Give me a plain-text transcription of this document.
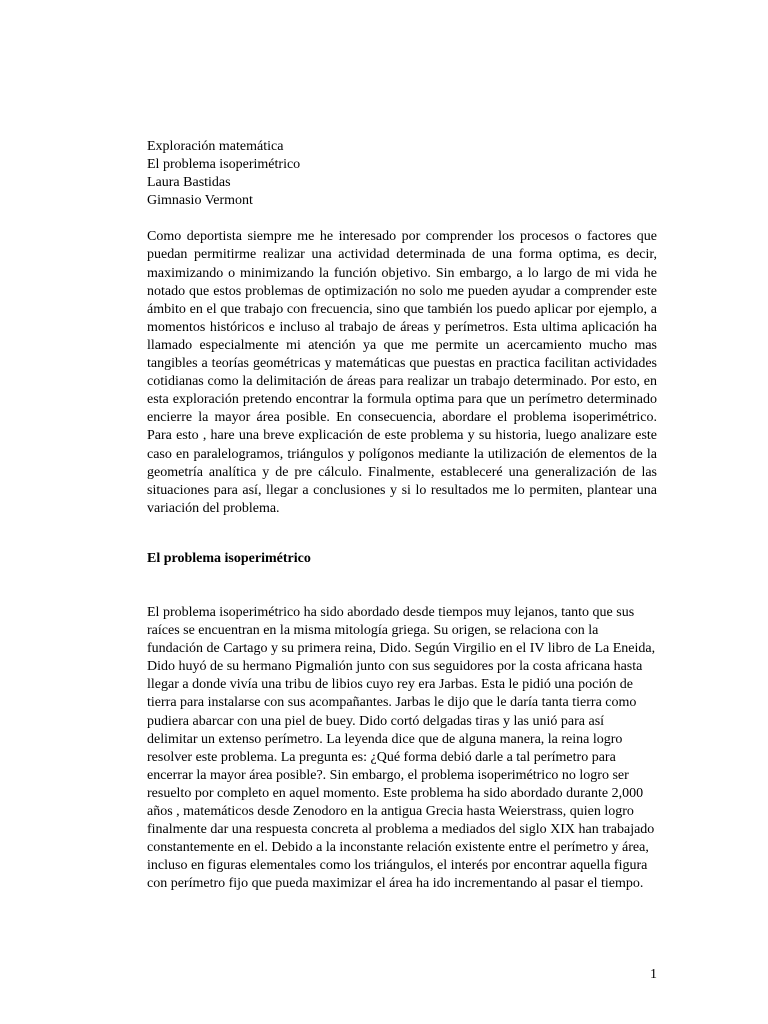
Exploración matemática
El problema isoperimétrico
Laura Bastidas
Gimnasio Vermont

Como deportista siempre me he interesado por comprender los procesos o factores que puedan permitirme realizar una actividad determinada de una forma optima, es decir, maximizando o minimizando la función objetivo. Sin embargo, a lo largo de mi vida he notado que estos problemas de optimización no solo me pueden ayudar a comprender este ámbito en el que trabajo con frecuencia, sino que también los puedo aplicar por ejemplo, a momentos históricos e incluso al trabajo de áreas y perímetros. Esta ultima aplicación ha llamado especialmente mi atención ya que me permite un acercamiento mucho mas tangibles a teorías geométricas y matemáticas que puestas en practica facilitan actividades cotidianas como la delimitación de áreas para realizar un trabajo determinado. Por esto, en esta exploración pretendo encontrar la formula optima para que un perímetro determinado encierre la mayor área posible. En consecuencia, abordare el problema isoperimétrico. Para esto , hare una breve explicación de este problema y su historia, luego analizare este caso en paralelogramos, triángulos y polígonos mediante la utilización de elementos de la geometría analítica y de pre cálculo. Finalmente, estableceré una generalización de las situaciones para así, llegar a conclusiones y si lo resultados me lo permiten, plantear una variación del problema.

El problema isoperimétrico

El problema isoperimétrico ha sido abordado desde tiempos muy lejanos, tanto que sus raíces se encuentran en la misma mitología griega. Su origen, se relaciona con la fundación de Cartago y su primera reina, Dido. Según Virgilio en el IV libro de La Eneida, Dido huyó de su hermano Pigmalión junto con sus seguidores por la costa africana hasta llegar a donde vivía una tribu de libios cuyo rey era Jarbas. Esta le pidió una poción de tierra para instalarse con sus acompañantes. Jarbas le dijo que le daría tanta tierra como pudiera abarcar con una piel de buey. Dido cortó delgadas tiras y las unió para así delimitar un extenso perímetro. La leyenda dice que de alguna manera, la reina logro resolver este problema. La pregunta es: ¿Qué forma debió darle a tal perímetro para encerrar la mayor área posible?. Sin embargo, el problema isoperimétrico no logro ser resuelto por completo en aquel momento. Este problema ha sido abordado durante 2,000 años , matemáticos desde Zenodoro en la antigua Grecia hasta Weierstrass, quien logro finalmente dar una respuesta concreta al problema a mediados del siglo XIX han trabajado constantemente en el. Debido a la inconstante relación existente entre el perímetro y área, incluso en figuras elementales como los triángulos, el interés por encontrar aquella figura con perímetro fijo que pueda maximizar el área ha ido incrementando al pasar el tiempo.

1
